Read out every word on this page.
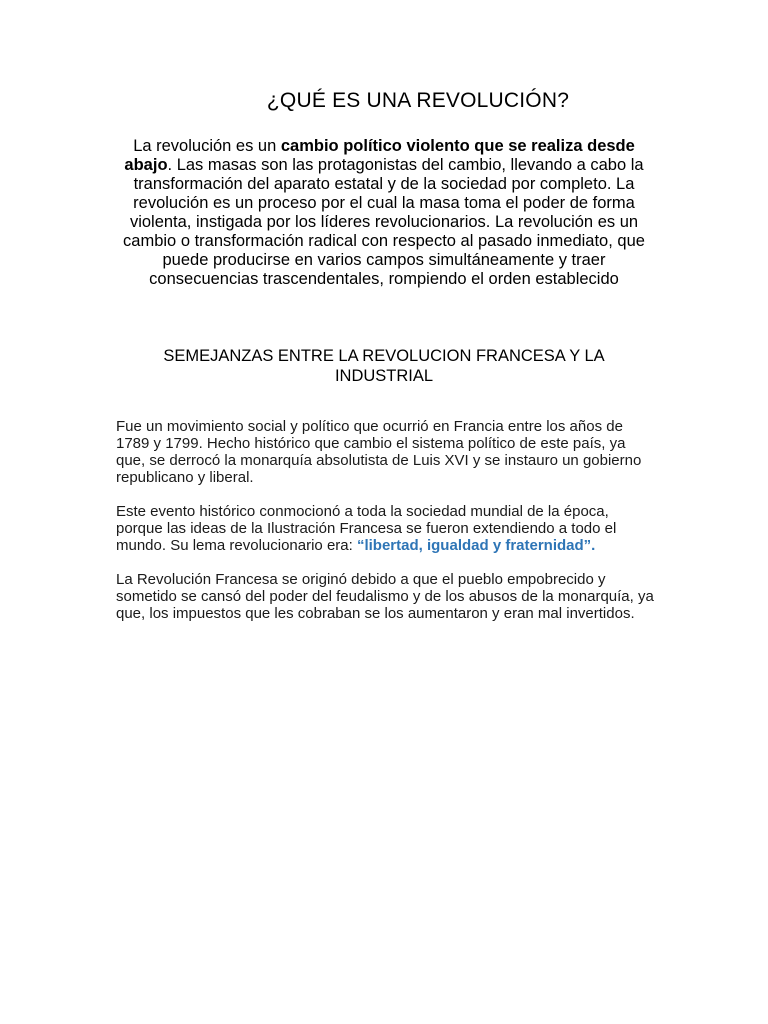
¿QUÉ ES UNA REVOLUCIÓN?

La revolución es un cambio político violento que se realiza desde abajo. Las masas son las protagonistas del cambio, llevando a cabo la transformación del aparato estatal y de la sociedad por completo. La revolución es un proceso por el cual la masa toma el poder de forma violenta, instigada por los líderes revolucionarios. La revolución es un cambio o transformación radical con respecto al pasado inmediato, que puede producirse en varios campos simultáneamente y traer consecuencias trascendentales, rompiendo el orden establecido

SEMEJANZAS ENTRE LA REVOLUCION FRANCESA Y LA INDUSTRIAL

Fue un movimiento social y político que ocurrió en Francia entre los años de 1789 y 1799. Hecho histórico que cambio el sistema político de este país, ya que, se derrocó la monarquía absolutista de Luis XVI y se instauro un gobierno republicano y liberal.

Este evento histórico conmocionó a toda la sociedad mundial de la época, porque las ideas de la Ilustración Francesa se fueron extendiendo a todo el mundo. Su lema revolucionario era: “libertad, igualdad y fraternidad”.

La Revolución Francesa se originó debido a que el pueblo empobrecido y sometido se cansó del poder del feudalismo y de los abusos de la monarquía, ya que, los impuestos que les cobraban se los aumentaron y eran mal invertidos.
